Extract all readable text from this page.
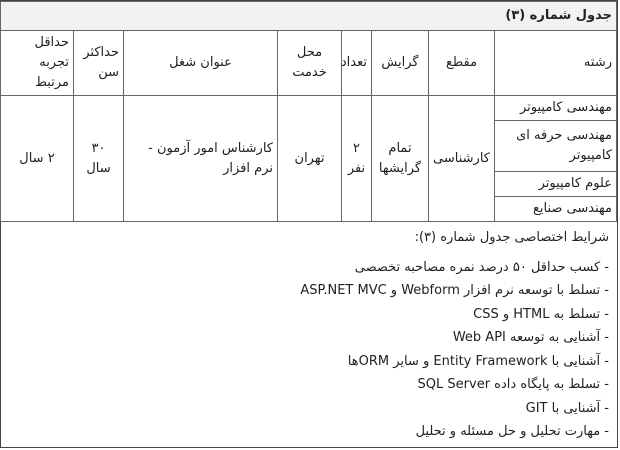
جدول شماره (۳)							
رشته	مقطع	گرایش	تعداد	محل خدمت	عنوان شغل	حداکثر سن	حداقل تجربه مرتبط
مهندسی کامپیوتر	کارشناسی	تمام گرایشها	۲ نفر	تهران	کارشناس امور آزمون - نرم افزار	۳۰ سال	۲ سال
مهندسی حرفه ای کامپیوتر							
علوم کامپیوتر							
مهندسی صنایع							
شرایط اختصاصی جدول شماره (۳):
- کسب حداقل ۵۰ درصد نمره مصاحبه تخصصی
- تسلط با توسعه نرم افزار Webform و ASP.NET MVC
- تسلط به HTML و CSS
- آشنایی به توسعه Web API
- آشنایی با Entity Framework و سایر ORMها
- تسلط به پایگاه داده SQL Server
- آشنایی با GIT
- مهارت تحلیل و حل مسئله و تحلیل
